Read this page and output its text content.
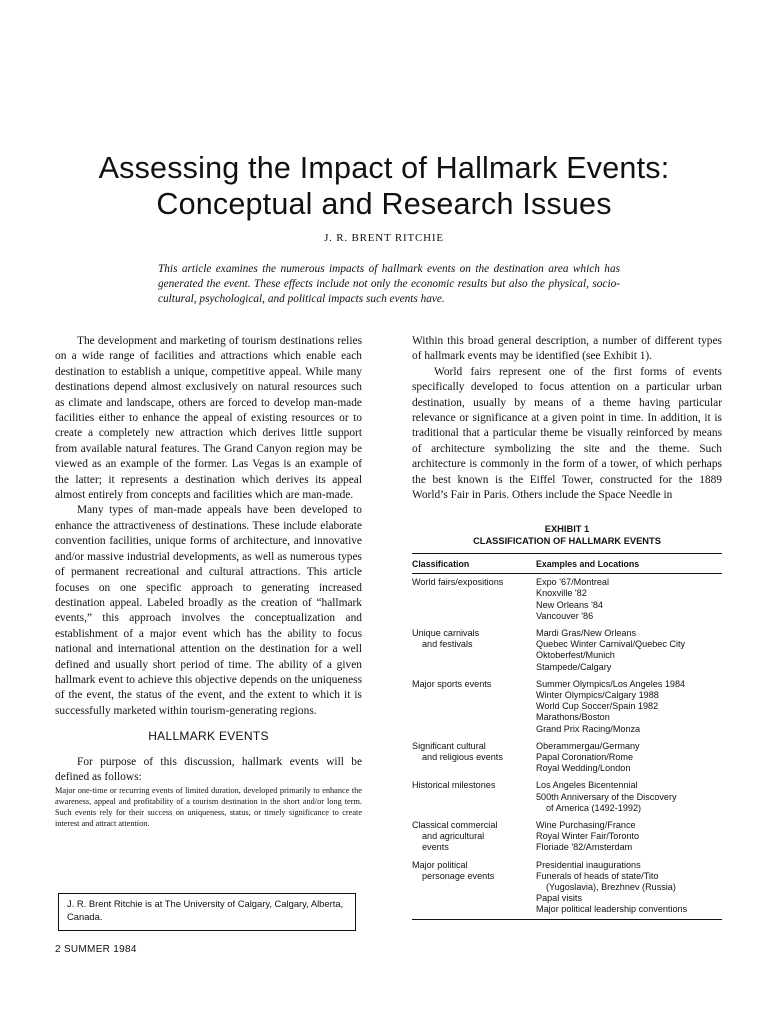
Assessing the Impact of Hallmark Events:
Conceptual and Research Issues
J. R. BRENT RITCHIE
This article examines the numerous impacts of hallmark events on the destination area which has generated the event. These effects include not only the economic results but also the physical, socio-cultural, psychological, and political impacts such events have.

The development and marketing of tourism destinations relies on a wide range of facilities and attractions which enable each destination to establish a unique, competitive appeal. While many destinations depend almost exclusively on natural resources such as climate and landscape, others are forced to develop man-made facilities either to enhance the appeal of existing resources or to create a completely new attraction which derives little support from available natural features. The Grand Canyon region may be viewed as an example of the former. Las Vegas is an example of the latter; it represents a destination which derives its appeal almost entirely from concepts and facilities which are man-made.

Many types of man-made appeals have been developed to enhance the attractiveness of destinations. These include elaborate convention facilities, unique forms of architecture, and innovative and/or massive industrial developments, as well as numerous types of permanent recreational and cultural attractions. This article focuses on one specific approach to generating increased destination appeal. Labeled broadly as the creation of “hallmark events,” this approach involves the conceptualization and establishment of a major event which has the ability to focus national and international attention on the destination for a well defined and usually short period of time. The ability of a given hallmark event to achieve this objective depends on the uniqueness of the event, the status of the event, and the extent to which it is successfully marketed within tourism-generating regions.

HALLMARK EVENTS

For purpose of this discussion, hallmark events will be defined as follows:

Major one-time or recurring events of limited duration, developed primarily to enhance the awareness, appeal and profitability of a tourism destination in the short and/or long term. Such events rely for their success on uniqueness, status, or timely significance to create interest and attract attention.

J. R. Brent Ritchie is at The University of Calgary, Calgary, Alberta, Canada.
2 SUMMER 1984

Within this broad general description, a number of different types of hallmark events may be identified (see Exhibit 1).

World fairs represent one of the first forms of events specifically developed to focus attention on a particular urban destination, usually by means of a theme having particular relevance or significance at a given point in time. In addition, it is traditional that a particular theme be visually reinforced by means of architecture symbolizing the site and the theme. Such architecture is commonly in the form of a tower, of which perhaps the best known is the Eiffel Tower, constructed for the 1889 World’s Fair in Paris. Others include the Space Needle in

EXHIBIT 1
CLASSIFICATION OF HALLMARK EVENTS
Classification	Examples and Locations

World fairs/expositions	Expo '67/Montreal
Knoxville '82
New Orleans '84
Vancouver '86

Unique carnivals
and festivals	Mardi Gras/New Orleans
Quebec Winter Carnival/Quebec City
Oktoberfest/Munich
Stampede/Calgary

Major sports events	Summer Olympics/Los Angeles 1984
Winter Olympics/Calgary 1988
World Cup Soccer/Spain 1982
Marathons/Boston
Grand Prix Racing/Monza

Significant cultural
and religious events	Oberammergau/Germany
Papal Coronation/Rome
Royal Wedding/London

Historical milestones	Los Angeles Bicentennial
500th Anniversary of the Discovery
of America (1492-1992)

Classical commercial
and agricultural
events	Wine Purchasing/France
Royal Winter Fair/Toronto
Floriade '82/Amsterdam

Major political
personage events	Presidential inaugurations
Funerals of heads of state/Tito
(Yugoslavia), Brezhnev (Russia)
Papal visits
Major political leadership conventions
